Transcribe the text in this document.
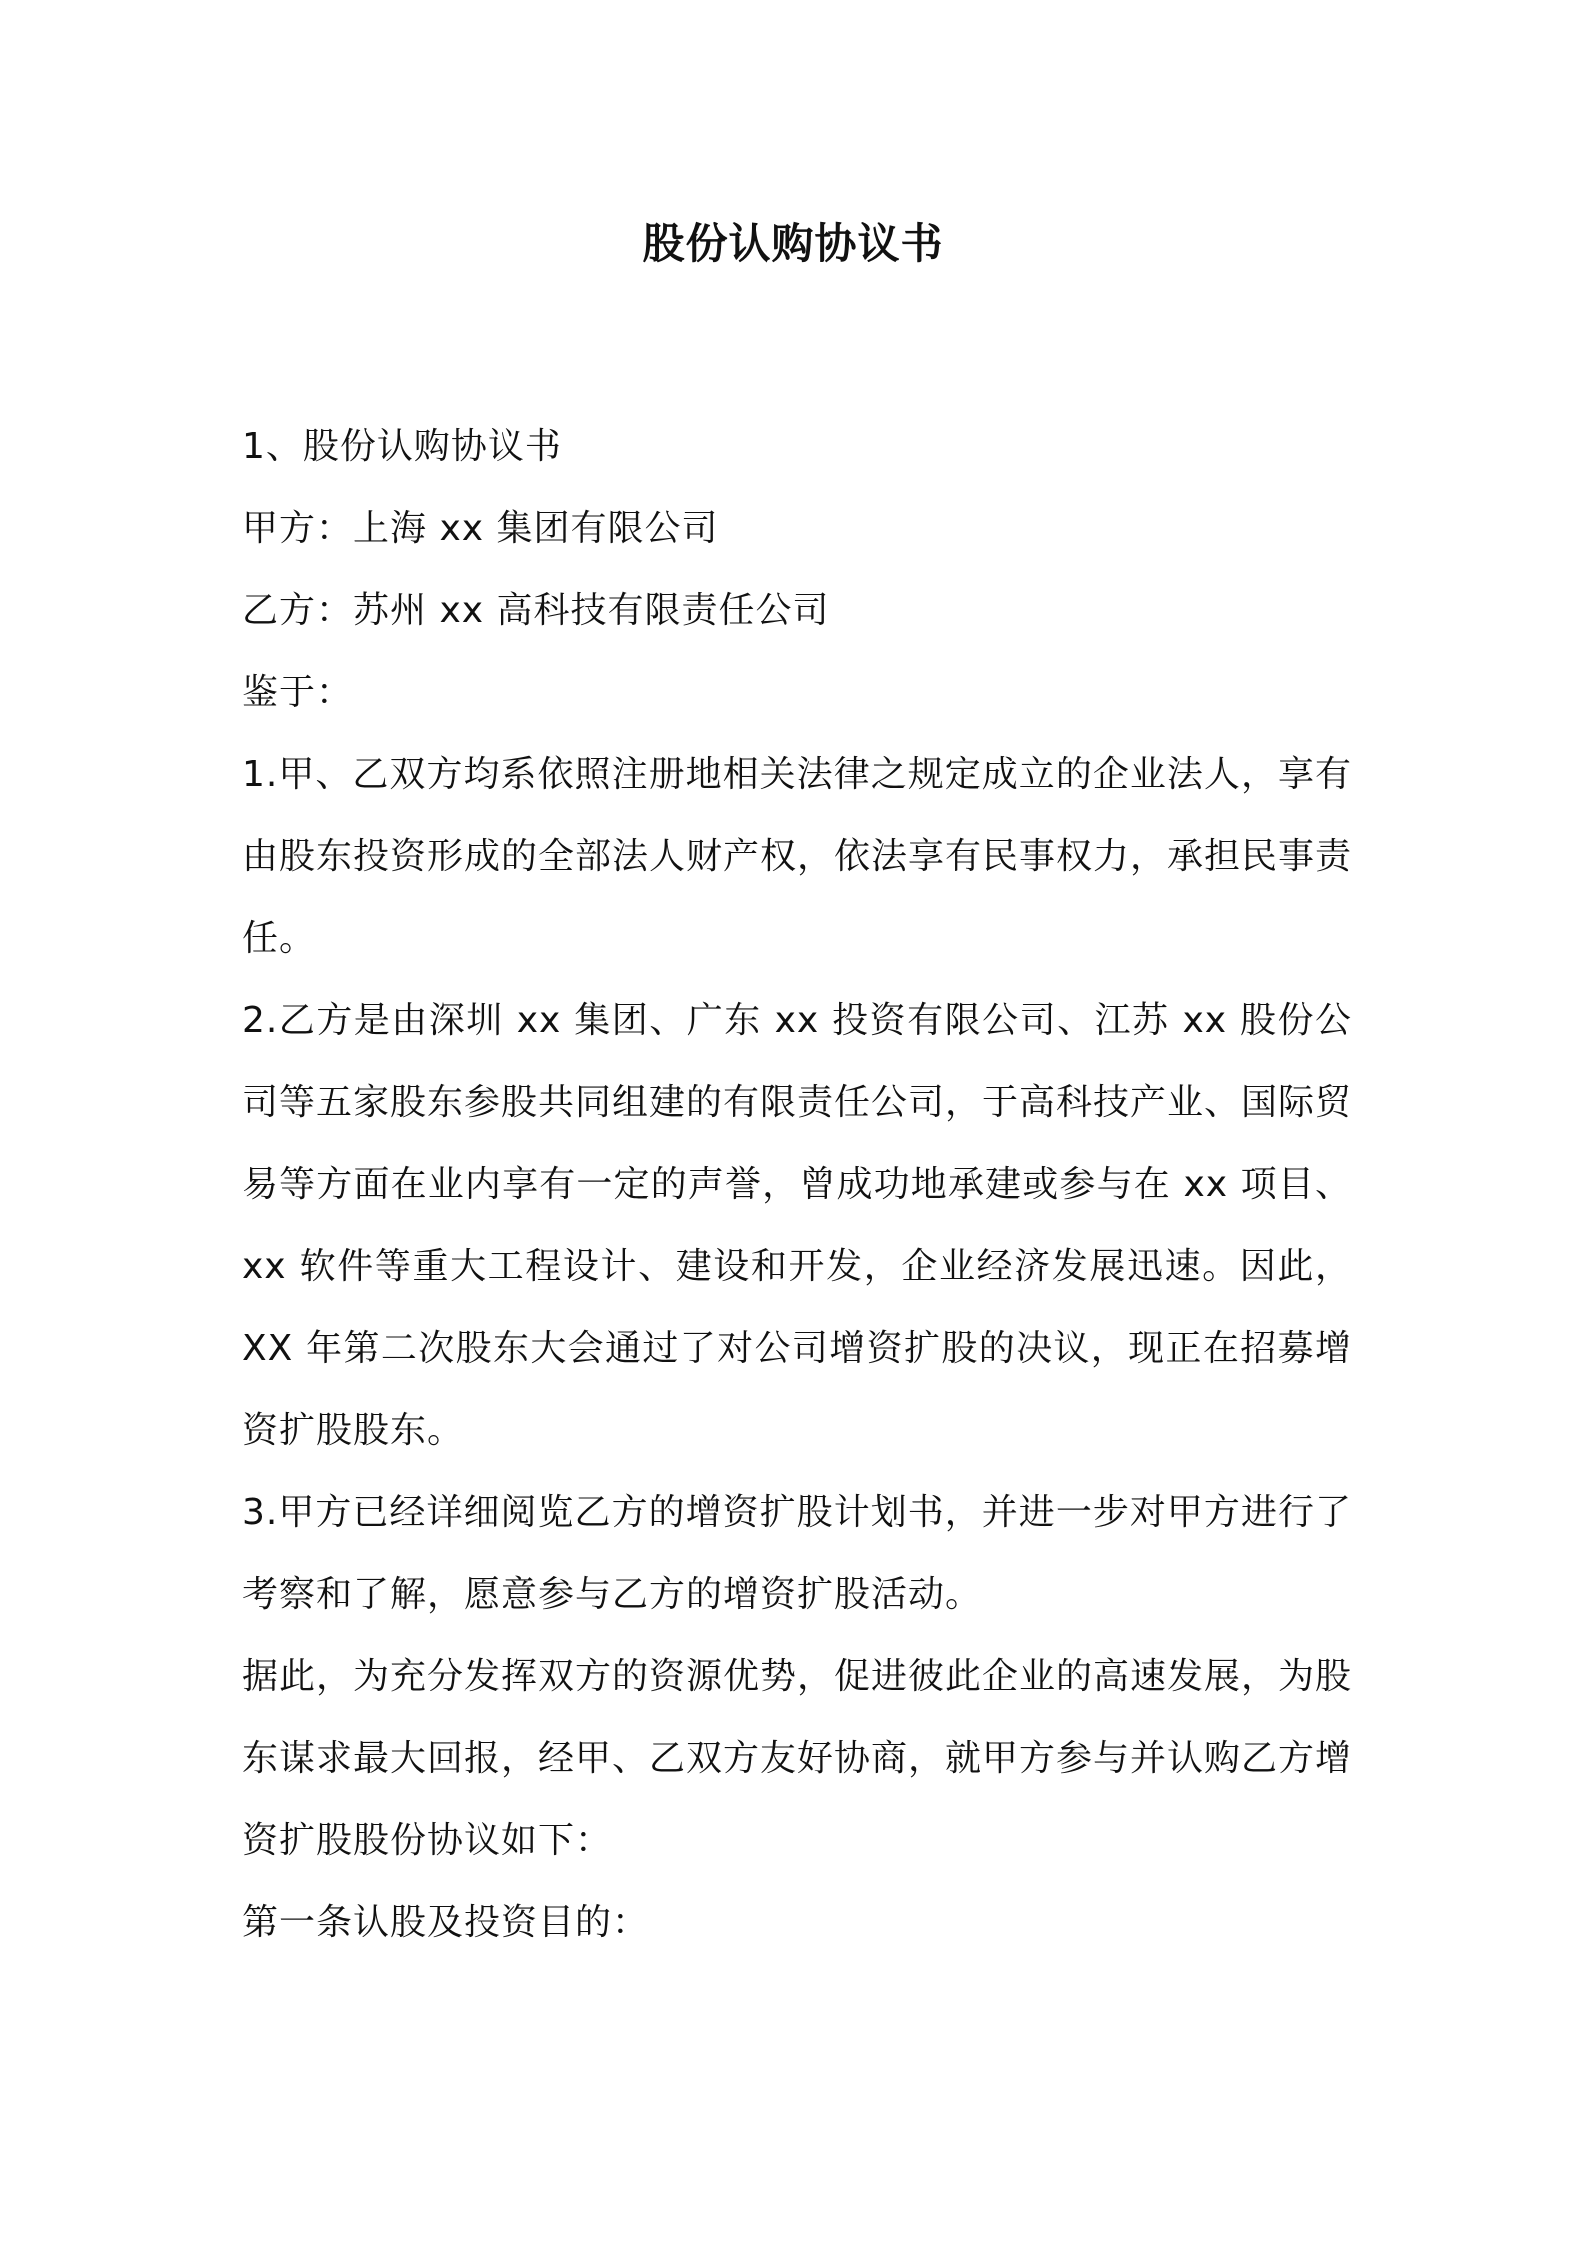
股份认购协议书

1、股份认购协议书

甲方：上海 xx 集团有限公司

乙方：苏州 xx 高科技有限责任公司

鉴于：

1.甲、乙双方均系依照注册地相关法律之规定成立的企业法人，享有由股东投资形成的全部法人财产权，依法享有民事权力，承担民事责任。

2.乙方是由深圳 xx 集团、广东 xx 投资有限公司、江苏 xx 股份公司等五家股东参股共同组建的有限责任公司，于高科技产业、国际贸易等方面在业内享有一定的声誉，曾成功地承建或参与在 xx 项目、xx 软件等重大工程设计、建设和开发，企业经济发展迅速。因此，XX 年第二次股东大会通过了对公司增资扩股的决议，现正在招募增资扩股股东。

3.甲方已经详细阅览乙方的增资扩股计划书，并进一步对甲方进行了考察和了解，愿意参与乙方的增资扩股活动。

据此，为充分发挥双方的资源优势，促进彼此企业的高速发展，为股东谋求最大回报，经甲、乙双方友好协商，就甲方参与并认购乙方增资扩股股份协议如下：

第一条认股及投资目的：
